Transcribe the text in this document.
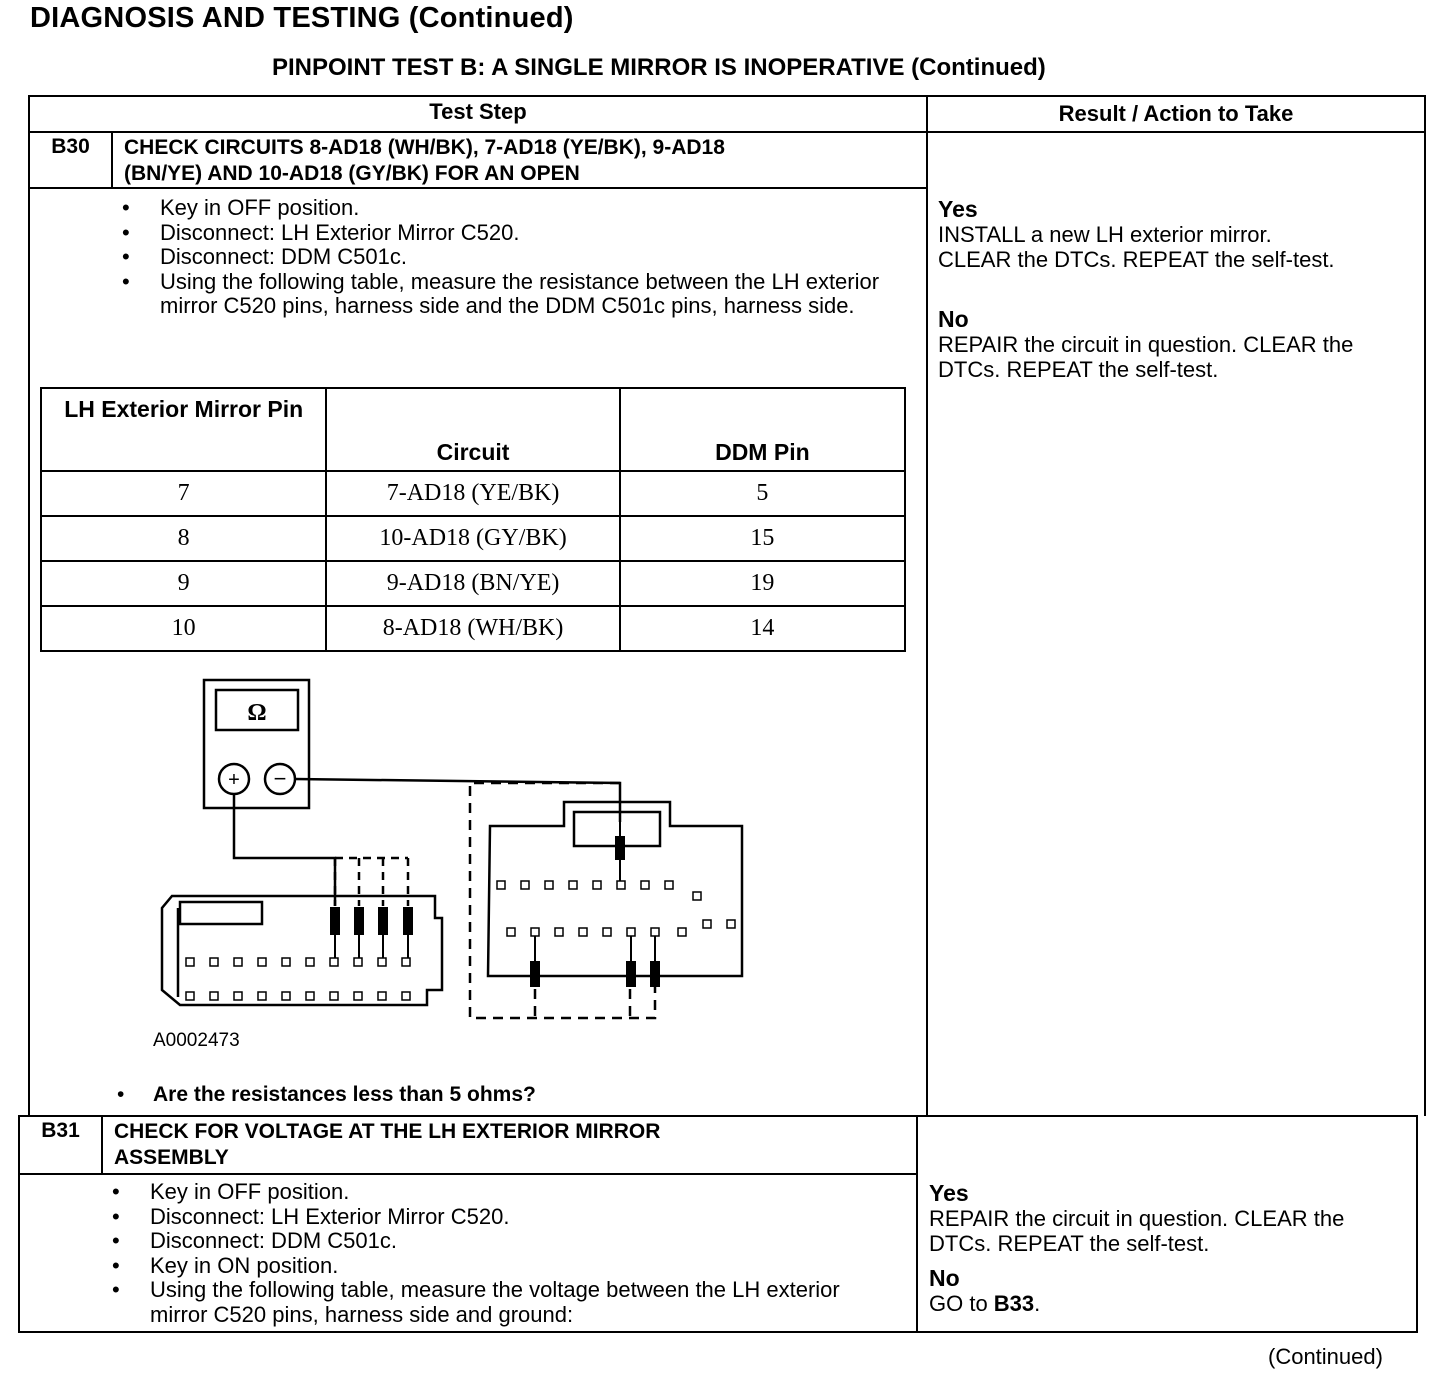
DIAGNOSIS AND TESTING (Continued)
PINPOINT TEST B: A SINGLE MIRROR IS INOPERATIVE (Continued)
Test Step	Result / Action to Take
B30	CHECK CIRCUITS 8-AD18 (WH/BK), 7-AD18 (YE/BK), 9-AD18
(BN/YE) AND 10-AD18 (GY/BK) FOR AN OPEN
• Key in OFF position.
• Disconnect: LH Exterior Mirror C520.
• Disconnect: DDM C501c.
• Using the following table, measure the resistance between the LH exterior mirror C520 pins, harness side and the DDM C501c pins, harness side.
LH Exterior Mirror Pin	Circuit	DDM Pin
7	7-AD18 (YE/BK)	5
8	10-AD18 (GY/BK)	15
9	9-AD18 (BN/YE)	19
10	8-AD18 (WH/BK)	14
Ω
+ −
A0002473
• Are the resistances less than 5 ohms?
Yes
INSTALL a new LH exterior mirror.
CLEAR the DTCs. REPEAT the self-test.
No
REPAIR the circuit in question. CLEAR the
DTCs. REPEAT the self-test.
B31	CHECK FOR VOLTAGE AT THE LH EXTERIOR MIRROR
ASSEMBLY
• Key in OFF position.
• Disconnect: LH Exterior Mirror C520.
• Disconnect: DDM C501c.
• Key in ON position.
• Using the following table, measure the voltage between the LH exterior mirror C520 pins, harness side and ground:
Yes
REPAIR the circuit in question. CLEAR the
DTCs. REPEAT the self-test.
No
GO to B33.
(Continued)
